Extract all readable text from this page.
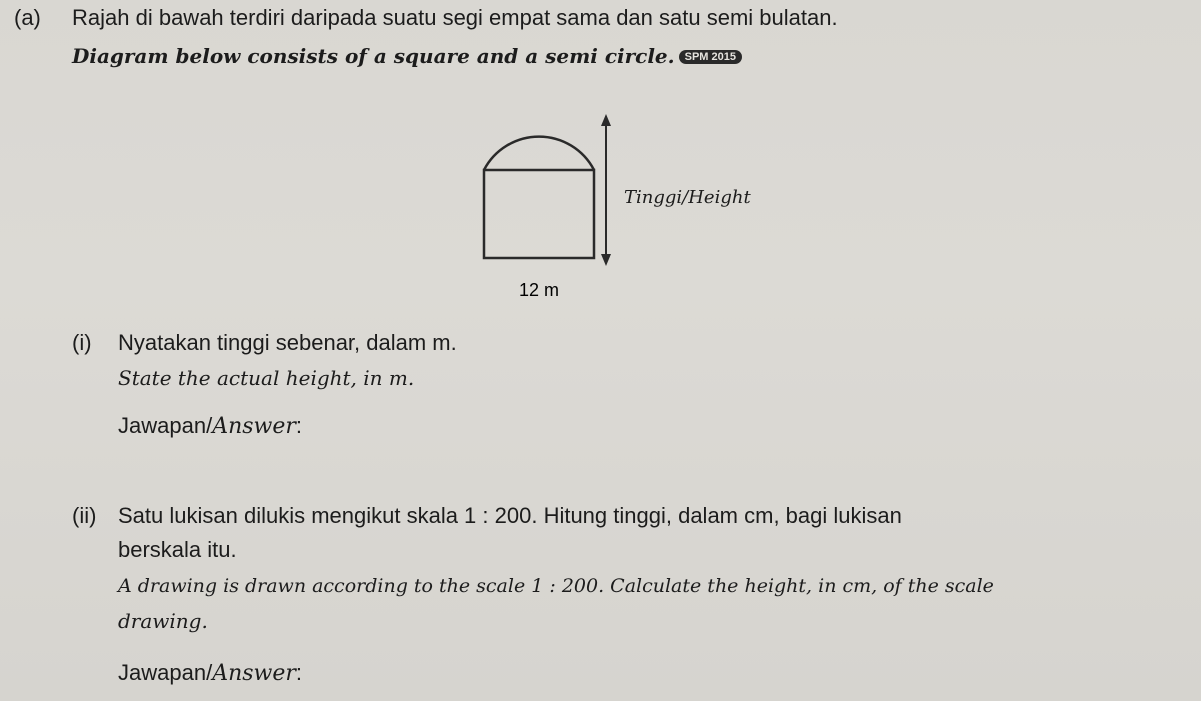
(a) Rajah di bawah terdiri daripada suatu segi empat sama dan satu semi bulatan.
Diagram below consists of a square and a semi circle. SPM 2015
12 m
Tinggi/Height
(i) Nyatakan tinggi sebenar, dalam m.
State the actual height, in m.
Jawapan/Answer:
(ii) Satu lukisan dilukis mengikut skala 1 : 200. Hitung tinggi, dalam cm, bagi lukisan
berskala itu.
A drawing is drawn according to the scale 1 : 200. Calculate the height, in cm, of the scale
drawing.
Jawapan/Answer:
